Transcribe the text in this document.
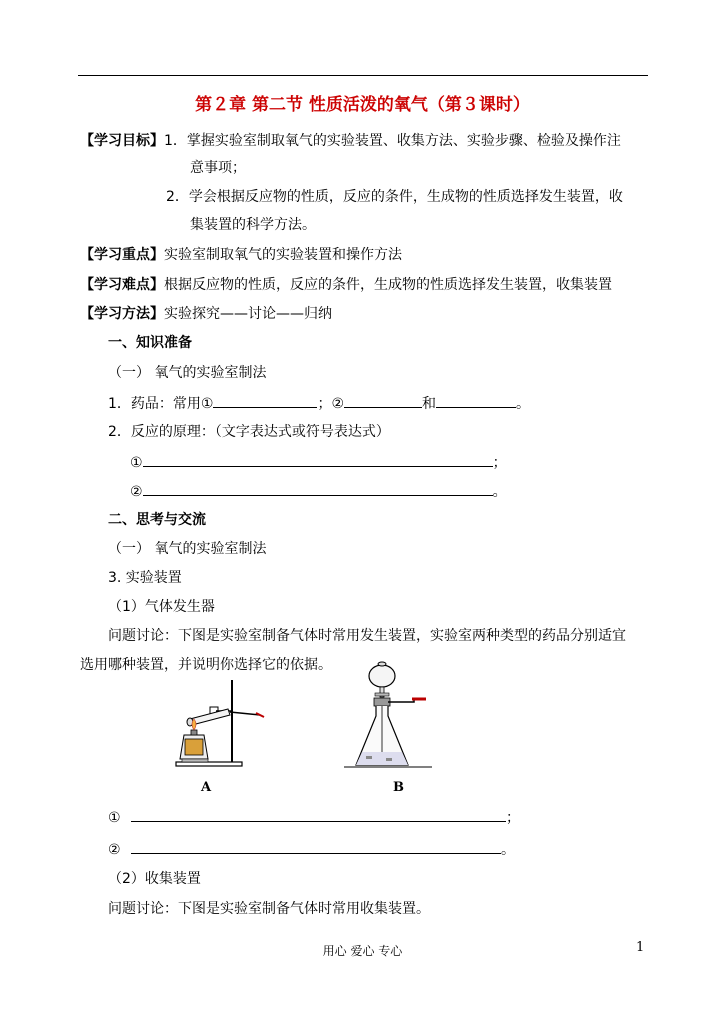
第２章 第二节 性质活泼的氧气（第３课时）
【学习目标】1．掌握实验室制取氧气的实验装置、收集方法、实验步骤、检验及操作注
意事项；
2．学会根据反应物的性质，反应的条件，生成物的性质选择发生装置，收
集装置的科学方法。
【学习重点】实验室制取氧气的实验装置和操作方法
【学习难点】根据反应物的性质，反应的条件，生成物的性质选择发生装置，收集装置
【学习方法】实验探究——讨论——归纳
一、知识准备
（一） 氧气的实验室制法
1．药品：常用①	；②	和	。
2．反应的原理：（文字表达式或符号表达式）
①	；
②	。
二、思考与交流
（一） 氧气的实验室制法
3. 实验装置
（1）气体发生器
问题讨论：下图是实验室制备气体时常用发生装置，实验室两种类型的药品分别适宜
选用哪种装置，并说明你选择它的依据。
A	B
①	；
②	。
（2）收集装置
问题讨论：下图是实验室制备气体时常用收集装置。
用心 爱心 专心	1
